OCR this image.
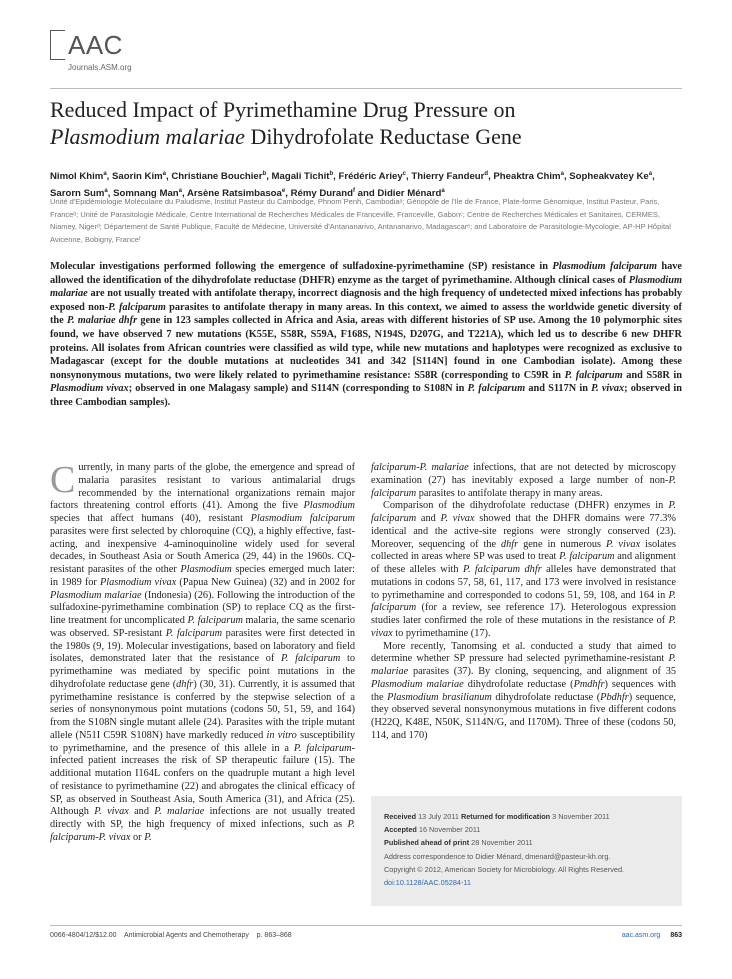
AAC
Journals.ASM.org
Reduced Impact of Pyrimethamine Drug Pressure on
Plasmodium malariae Dihydrofolate Reductase Gene
Nimol Khim$^a$, Saorin Kim$^a$, Christiane Bouchier$^b$, Magali Tichit$^b$, Frédéric Ariey$^c$, Thierry Fandeur$^d$, Pheaktra Chim$^a$, Sopheakvatey Ke$^a$, Sarorn Sum$^a$, Somnang Man$^a$, Arsène Ratsimbasoa$^e$, Rémy Durand$^f$ and Didier Ménard$^a$
Unité d'Epidémiologie Moléculaire du Paludisme, Institut Pasteur du Cambodge, Phnom Penh, Cambodiaᵃ; Génopôle de l'Ile de France, Plate-forme Génomique, Institut Pasteur, Paris, Franceᵇ; Unité de Parasitologie Médicale, Centre International de Recherches Médicales de Franceville, Franceville, Gabonᶜ; Centre de Recherches Médicales et Sanitaires, CERMES, Niamey, Nigerᵈ; Département de Santé Publique, Faculté de Médecine, Université d'Antananarivo, Antananarivo, Madagascarᵉ; and Laboratoire de Parasitologie-Mycologie, AP-HP Hôpital Avicenne, Bobigny, Franceᶠ
Molecular investigations performed following the emergence of sulfadoxine-pyrimethamine (SP) resistance in Plasmodium falciparum have allowed the identification of the dihydrofolate reductase (DHFR) enzyme as the target of pyrimethamine. Although clinical cases of Plasmodium malariae are not usually treated with antifolate therapy, incorrect diagnosis and the high frequency of undetected mixed infections has probably exposed non-P. falciparum parasites to antifolate therapy in many areas. In this context, we aimed to assess the worldwide genetic diversity of the P. malariae dhfr gene in 123 samples collected in Africa and Asia, areas with different histories of SP use. Among the 10 polymorphic sites found, we have observed 7 new mutations (K55E, S58R, S59A, F168S, N194S, D207G, and T221A), which led us to describe 6 new DHFR proteins. All isolates from African countries were classified as wild type, while new mutations and haplotypes were recognized as exclusive to Madagascar (except for the double mutations at nucleotides 341 and 342 [S114N] found in one Cambodian isolate). Among these nonsynonymous mutations, two were likely related to pyrimethamine resistance: S58R (corresponding to C59R in P. falciparum and S58R in Plasmodium vivax; observed in one Malagasy sample) and S114N (corresponding to S108N in P. falciparum and S117N in P. vivax; observed in three Cambodian samples).

Currently, in many parts of the globe, the emergence and spread of malaria parasites resistant to various antimalarial drugs recommended by the international organizations remain major factors threatening control efforts (41). Among the five Plasmodium species that affect humans (40), resistant Plasmodium falciparum parasites were first selected by chloroquine (CQ), a highly effective, fast-acting, and inexpensive 4-aminoquinoline widely used for several decades, in Southeast Asia or South America (29, 44) in the 1960s. CQ-resistant parasites of the other Plasmodium species emerged much later: in 1989 for Plasmodium vivax (Papua New Guinea) (32) and in 2002 for Plasmodium malariae (Indonesia) (26). Following the introduction of the sulfadoxine-pyrimethamine combination (SP) to replace CQ as the first-line treatment for uncomplicated P. falciparum malaria, the same scenario was observed. SP-resistant P. falciparum parasites were first detected in the 1980s (9, 19). Molecular investigations, based on laboratory and field isolates, demonstrated later that the resistance of P. falciparum to pyrimethamine was mediated by specific point mutations in the dihydrofolate reductase gene (dhfr) (30, 31). Currently, it is assumed that pyrimethamine resistance is conferred by the stepwise selection of a series of nonsynonymous point mutations (codons 50, 51, 59, and 164) from the S108N single mutant allele (24). Parasites with the triple mutant allele (N51I C59R S108N) have markedly reduced in vitro susceptibility to pyrimethamine, and the presence of this allele in a P. falciparum-infected patient increases the risk of SP therapeutic failure (15). The additional mutation I164L confers on the quadruple mutant a high level of resistance to pyrimethamine (22) and abrogates the clinical efficacy of SP, as observed in Southeast Asia, South America (31), and Africa (25). Although P. vivax and P. malariae infections are not usually treated directly with SP, the high frequency of mixed infections, such as P. falciparum-P. vivax or P.

falciparum-P. malariae infections, that are not detected by microscopy examination (27) has inevitably exposed a large number of non-P. falciparum parasites to antifolate therapy in many areas.

Comparison of the dihydrofolate reductase (DHFR) enzymes in P. falciparum and P. vivax showed that the DHFR domains were 77.3% identical and the active-site regions were strongly conserved (23). Moreover, sequencing of the dhfr gene in numerous P. vivax isolates collected in areas where SP was used to treat P. falciparum and alignment of these alleles with P. falciparum dhfr alleles have demonstrated that mutations in codons 57, 58, 61, 117, and 173 were involved in resistance to pyrimethamine and corresponded to codons 51, 59, 108, and 164 in P. falciparum (for a review, see reference 17). Heterologous expression studies later confirmed the role of these mutations in the resistance of P. vivax to pyrimethamine (17).

More recently, Tanomsing et al. conducted a study that aimed to determine whether SP pressure had selected pyrimethamine-resistant P. malariae parasites (37). By cloning, sequencing, and alignment of 35 Plasmodium malariae dihydrofolate reductase (Pmdhfr) sequences with the Plasmodium brasilianum dihydrofolate reductase (Pbdhfr) sequence, they observed several nonsynonymous mutations in five different codons (H22Q, K48E, N50K, S114N/G, and I170M). Three of these (codons 50, 114, and 170)

Received 13 July 2011 Returned for modification 3 November 2011
Accepted 16 November 2011
Published ahead of print 28 November 2011
Address correspondence to Didier Ménard, dmenard@pasteur-kh.org.
Copyright © 2012, American Society for Microbiology. All Rights Reserved.
doi:10.1128/AAC.05284-11
0066-4804/12/$12.00    Antimicrobial Agents and Chemotherapy    p. 863–868	aac.asm.org 863
